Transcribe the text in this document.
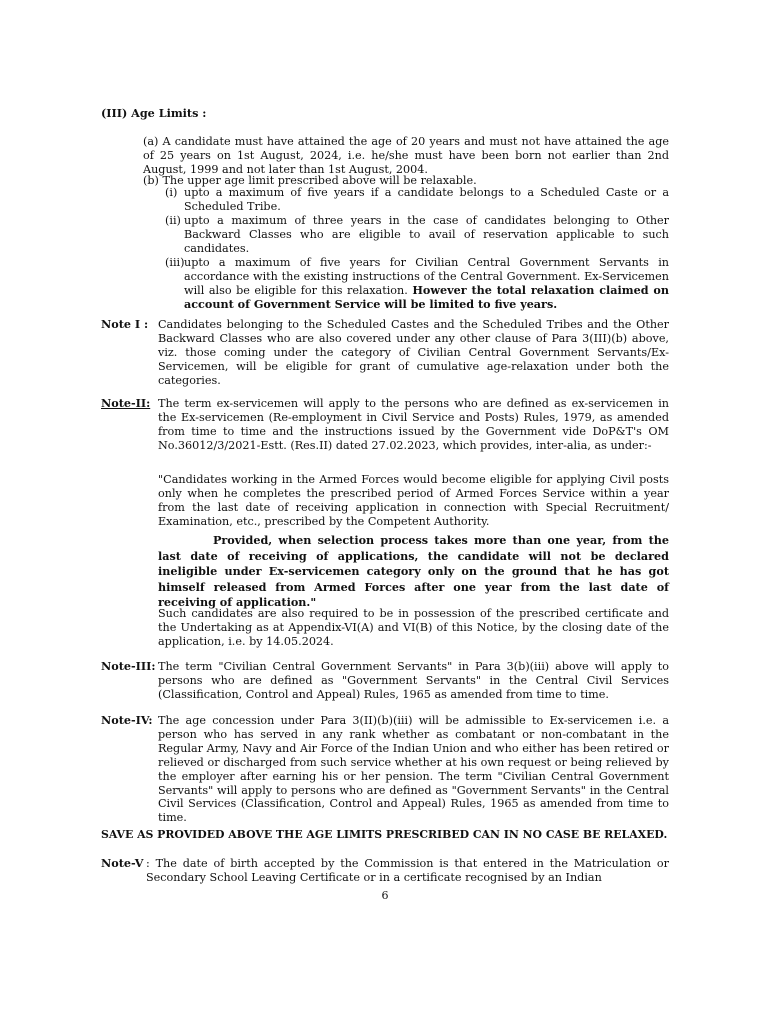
(III) Age Limits :

(a) A candidate must have attained the age of 20 years and must not have attained the age of 25 years on 1st August, 2024, i.e. he/she must have been born not earlier than 2nd August, 1999 and not later than 1st August, 2004.

(b) The upper age limit prescribed above will be relaxable.

(i) upto a maximum of five years if a candidate belongs to a Scheduled Caste or a Scheduled Tribe.

(ii) upto a maximum of three years in the case of candidates belonging to Other Backward Classes who are eligible to avail of reservation applicable to such candidates.

(iii) upto a maximum of five years for Civilian Central Government Servants in accordance with the existing instructions of the Central Government. Ex-Servicemen will also be eligible for this relaxation. However the total relaxation claimed on account of Government Service will be limited to five years.

Note I : Candidates belonging to the Scheduled Castes and the Scheduled Tribes and the Other Backward Classes who are also covered under any other clause of Para 3(III)(b) above, viz. those coming under the category of Civilian Central Government Servants/Ex-Servicemen, will be eligible for grant of cumulative age-relaxation under both the categories.

Note-II: The term ex-servicemen will apply to the persons who are defined as ex-servicemen in the Ex-servicemen (Re-employment in Civil Service and Posts) Rules, 1979, as amended from time to time and the instructions issued by the Government vide DoP&T's OM No.36012/3/2021-Estt. (Res.II) dated 27.02.2023, which provides, inter-alia, as under:-

"Candidates working in the Armed Forces would become eligible for applying Civil posts only when he completes the prescribed period of Armed Forces Service within a year from the last date of receiving application in connection with Special Recruitment/ Examination, etc., prescribed by the Competent Authority.

Provided, when selection process takes more than one year, from the last date of receiving of applications, the candidate will not be declared ineligible under Ex-servicemen category only on the ground that he has got himself released from Armed Forces after one year from the last date of receiving of application."

Such candidates are also required to be in possession of the prescribed certificate and the Undertaking as at Appendix-VI(A) and VI(B) of this Notice, by the closing date of the application, i.e. by 14.05.2024.

Note-III: The term "Civilian Central Government Servants" in Para 3(b)(iii) above will apply to persons who are defined as "Government Servants" in the Central Civil Services (Classification, Control and Appeal) Rules, 1965 as amended from time to time.

Note-IV: The age concession under Para 3(II)(b)(iii) will be admissible to Ex-servicemen i.e. a person who has served in any rank whether as combatant or non-combatant in the Regular Army, Navy and Air Force of the Indian Union and who either has been retired or relieved or discharged from such service whether at his own request or being relieved by the employer after earning his or her pension. The term "Civilian Central Government Servants" will apply to persons who are defined as "Government Servants" in the Central Civil Services (Classification, Control and Appeal) Rules, 1965 as amended from time to time.

SAVE AS PROVIDED ABOVE THE AGE LIMITS PRESCRIBED CAN IN NO CASE BE RELAXED.
Note-V : The date of birth accepted by the Commission is that entered in the Matriculation or Secondary School Leaving Certificate or in a certificate recognised by an Indian

6
